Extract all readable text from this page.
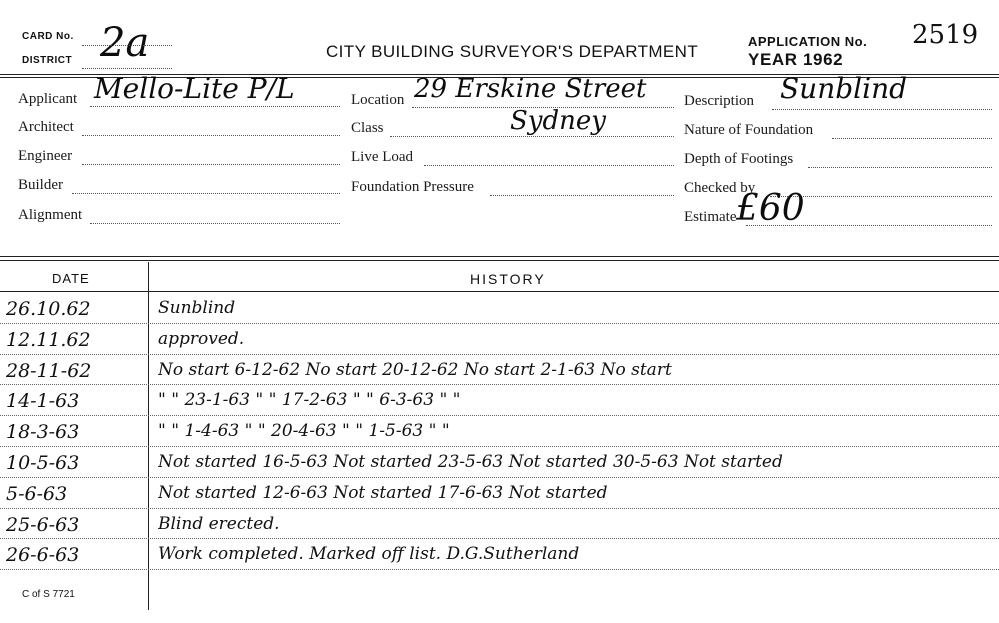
CARD No.
DISTRICT 2a	CITY BUILDING SURVEYOR'S DEPARTMENT
APPLICATION No. 2519
YEAR 1962
Applicant Mello-Lite P/L
Architect
Engineer
Builder
Alignment
Location 29 Erskine Street
Class	Sydney
Live Load
Foundation Pressure
Description Sunblind
Nature of Foundation
Depth of Footings
Checked by
Estimate £60
DATE	HISTORY
26.10.62	Sunblind
12.11.62	approved.
28-11-62	No start 6-12-62 No start 20-12-62 No start 2-1-63 No start
14-1-63	" " 23-1-63 " " 17-2-63 " " 6-3-63 " "
18-3-63	" " 1-4-63 " " 20-4-63 " " 1-5-63 " "
10-5-63	Not started 16-5-63 Not started 23-5-63 Not started 30-5-63 Not started
5-6-63	Not started 12-6-63 Not started 17-6-63 Not started
25-6-63	Blind erected.
26-6-63	Work completed. Marked off list. D.G.Sutherland
C of S 7721
